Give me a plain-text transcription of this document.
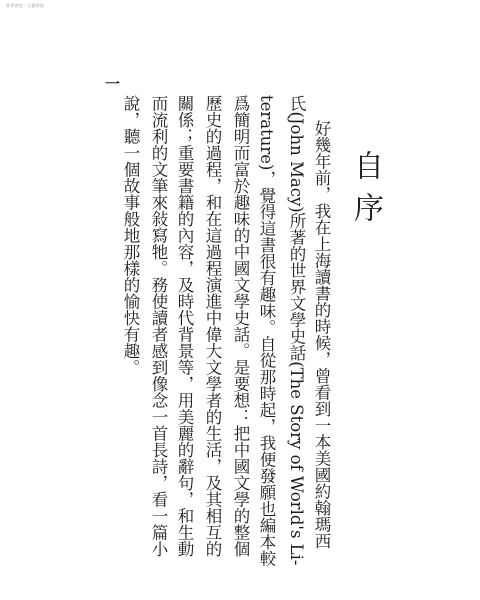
書香書吧 · 古籍掃描
自序
好幾年前，我在上海讀書的時候，曾看到一本美國約翰瑪西
氏(John Macy)所著的世界文學史話(The Story of World's Li-
terature)，覺得這書很有趣味。自從那時起，我便發願也編本較
爲簡明而富於趣味的中國文學史話。是要想：把中國文學的整個
歷史的過程，和在這過程演進中偉大文學者的生活，及其相互的
關係；重要書籍的內容，及時代背景等，用美麗的辭句，和生動
而流利的文筆來敍寫牠。務使讀者感到像念一首長詩，看一篇小
說，聽一個故事般地那樣的愉快有趣。
一
